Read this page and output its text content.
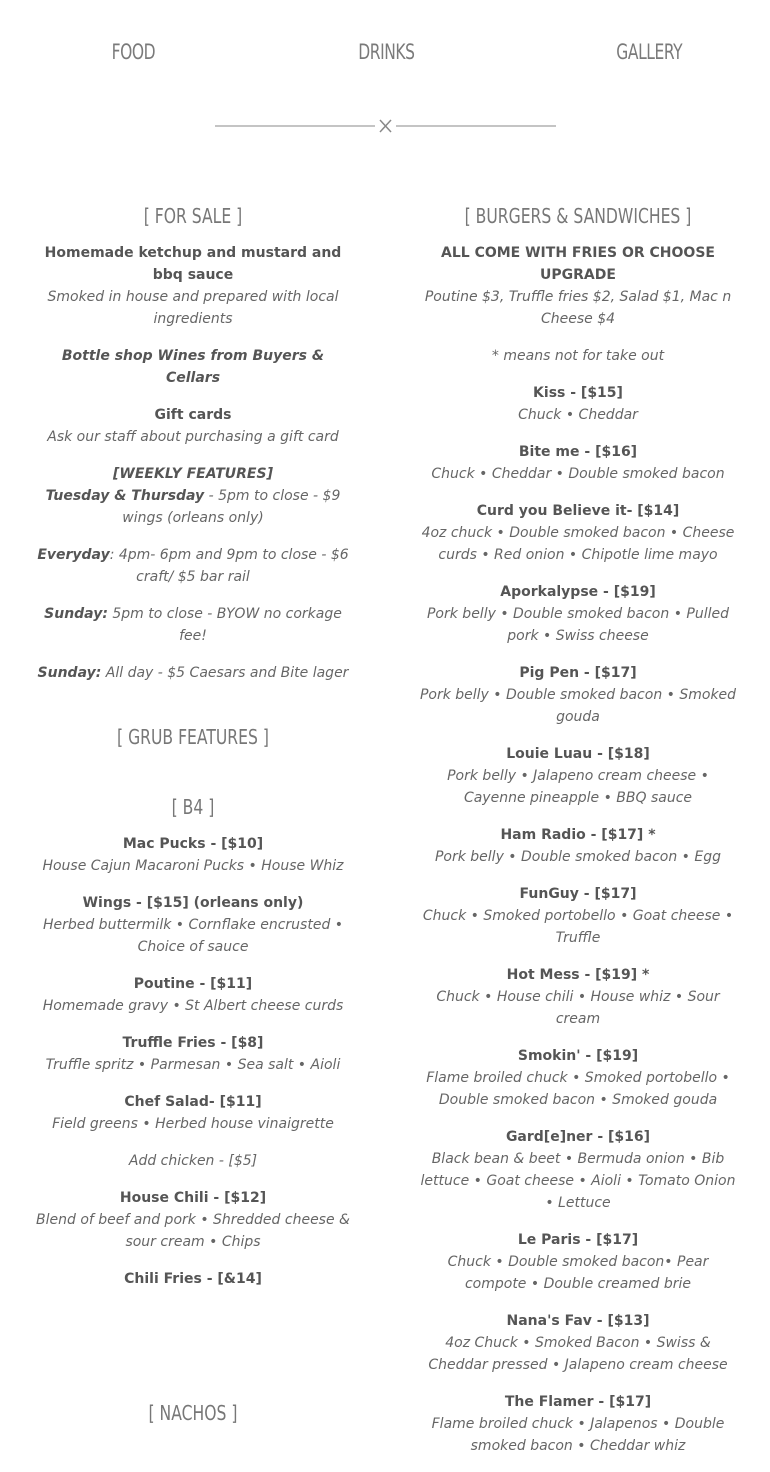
FOOD	DRINKS	GALLERY
[ FOR SALE ]
Homemade ketchup and mustard and bbq sauce
Smoked in house and prepared with local ingredients
Bottle shop Wines from Buyers & Cellars
Gift cards
Ask our staff about purchasing a gift card
[WEEKLY FEATURES]
Tuesday & Thursday - 5pm to close - $9 wings (orleans only)
Everyday: 4pm- 6pm and 9pm to close - $6 craft/ $5 bar rail
Sunday: 5pm to close - BYOW no corkage fee!
Sunday: All day - $5 Caesars and Bite lager
[ GRUB FEATURES ]
[ B4 ]
Mac Pucks - [$10]
House Cajun Macaroni Pucks • House Whiz
Wings - [$15] (orleans only)
Herbed buttermilk • Cornflake encrusted • Choice of sauce
Poutine - [$11]
Homemade gravy • St Albert cheese curds
Truffle Fries - [$8]
Truffle spritz • Parmesan • Sea salt • Aioli
Chef Salad- [$11]
Field greens • Herbed house vinaigrette
Add chicken - [$5]
House Chili - [$12]
Blend of beef and pork • Shredded cheese & sour cream • Chips
Chili Fries - [&14]
[ NACHOS ]
[ BURGERS & SANDWICHES ]
ALL COME WITH FRIES OR CHOOSE UPGRADE
Poutine $3, Truffle fries $2, Salad $1, Mac n Cheese $4
* means not for take out
Kiss - [$15]
Chuck • Cheddar
Bite me - [$16]
Chuck • Cheddar • Double smoked bacon
Curd you Believe it- [$14]
4oz chuck • Double smoked bacon • Cheese curds • Red onion • Chipotle lime mayo
Aporkalypse - [$19]
Pork belly • Double smoked bacon • Pulled pork • Swiss cheese
Pig Pen - [$17]
Pork belly • Double smoked bacon • Smoked gouda
Louie Luau - [$18]
Pork belly • Jalapeno cream cheese • Cayenne pineapple • BBQ sauce
Ham Radio - [$17] *
Pork belly • Double smoked bacon • Egg
FunGuy - [$17]
Chuck • Smoked portobello • Goat cheese • Truffle
Hot Mess - [$19] *
Chuck • House chili • House whiz • Sour cream
Smokin' - [$19]
Flame broiled chuck • Smoked portobello • Double smoked bacon • Smoked gouda
Gard[e]ner - [$16]
Black bean & beet • Bermuda onion • Bib lettuce • Goat cheese • Aioli • Tomato Onion • Lettuce
Le Paris - [$17]
Chuck • Double smoked bacon• Pear compote • Double creamed brie
Nana's Fav - [$13]
4oz Chuck • Smoked Bacon • Swiss & Cheddar pressed • Jalapeno cream cheese
The Flamer - [$17]
Flame broiled chuck • Jalapenos • Double smoked bacon • Cheddar whiz
